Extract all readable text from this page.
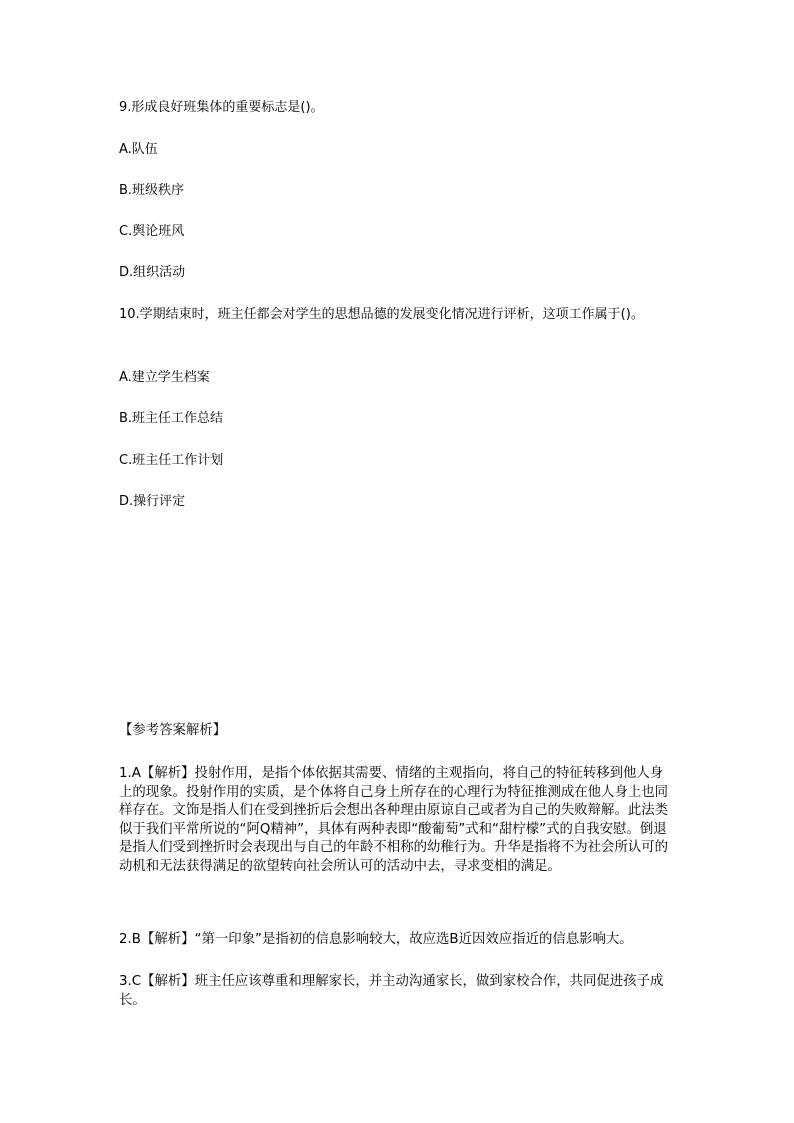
9.形成良好班集体的重要标志是()。
A.队伍
B.班级秩序
C.舆论班风
D.组织活动
10.学期结束时，班主任都会对学生的思想品德的发展变化情况进行评析，这项工作属于()。
A.建立学生档案
B.班主任工作总结
C.班主任工作计划
D.操行评定
【参考答案解析】
1.A【解析】投射作用，是指个体依据其需要、情绪的主观指向，将自己的特征转移到他人身上的现象。投射作用的实质，是个体将自己身上所存在的心理行为特征推测成在他人身上也同样存在。文饰是指人们在受到挫折后会想出各种理由原谅自己或者为自己的失败辩解。此法类似于我们平常所说的“阿Q精神”，具体有两种表即“酸葡萄”式和“甜柠檬”式的自我安慰。倒退是指人们受到挫折时会表现出与自己的年龄不相称的幼稚行为。升华是指将不为社会所认可的动机和无法获得满足的欲望转向社会所认可的活动中去，寻求变相的满足。
2.B【解析】“第一印象”是指初的信息影响较大，故应选B近因效应指近的信息影响大。
3.C【解析】班主任应该尊重和理解家长，并主动沟通家长，做到家校合作，共同促进孩子成长。
